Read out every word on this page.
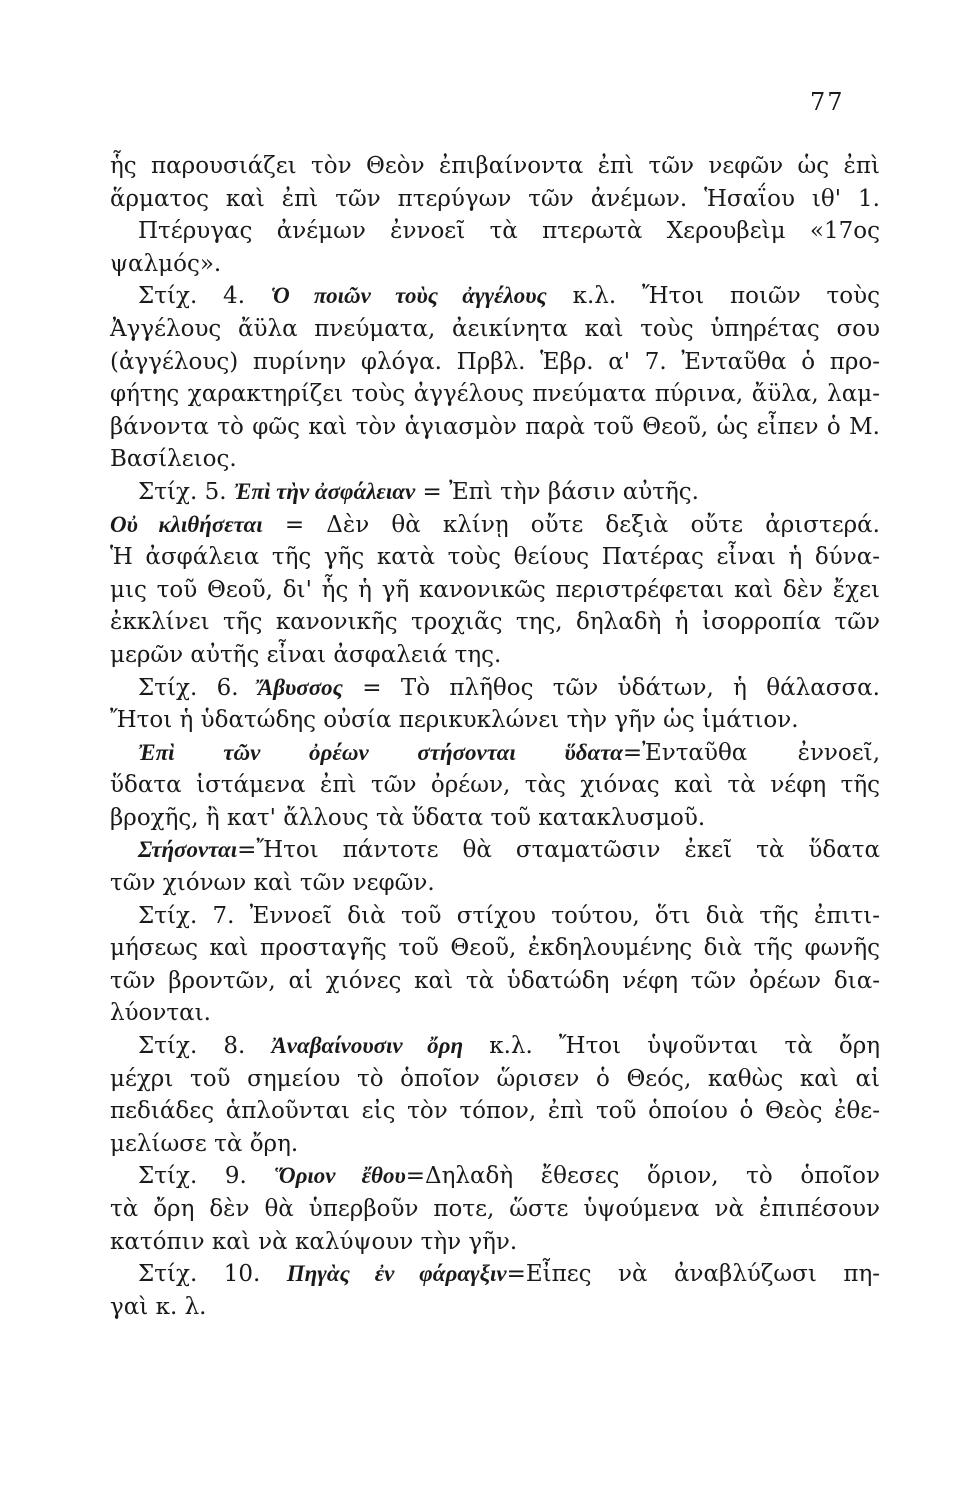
77
ἧς παρουσιάζει τὸν Θεὸν ἐπιβαίνοντα ἐπὶ τῶν νεφῶν ὡς ἐπὶ
ἅρματος καὶ ἐπὶ τῶν πτερύγων τῶν ἀνέμων. Ἡσαΐου ιθ' 1.
Πτέρυγας ἀνέμων ἐννοεῖ τὰ πτερωτὰ Χερουβεὶμ «17ος
ψαλμός».
Στίχ. 4. Ὁ ποιῶν τοὺς ἀγγέλους κ.λ. Ἤτοι ποιῶν τοὺς
Ἀγγέλους ἄϋλα πνεύματα, ἀεικίνητα καὶ τοὺς ὑπηρέτας σου
(ἀγγέλους) πυρίνην φλόγα. Πρβλ. Ἑβρ. α' 7. Ἐνταῦθα ὁ προ-
φήτης χαρακτηρίζει τοὺς ἀγγέλους πνεύματα πύρινα, ἄϋλα, λαμ-
βάνοντα τὸ φῶς καὶ τὸν ἁγιασμὸν παρὰ τοῦ Θεοῦ, ὡς εἶπεν ὁ Μ.
Βασίλειος.
Στίχ. 5. Ἐπὶ τὴν ἀσφάλειαν = Ἐπὶ τὴν βάσιν αὐτῆς.
Οὐ κλιθήσεται = Δὲν θὰ κλίνῃ οὔτε δεξιὰ οὔτε ἀριστερά.
Ἡ ἀσφάλεια τῆς γῆς κατὰ τοὺς θείους Πατέρας εἶναι ἡ δύνα-
μις τοῦ Θεοῦ, δι' ἧς ἡ γῆ κανονικῶς περιστρέφεται καὶ δὲν ἔχει
ἐκκλίνει τῆς κανονικῆς τροχιᾶς της, δηλαδὴ ἡ ἰσορροπία τῶν
μερῶν αὐτῆς εἶναι ἀσφαλειά της.
Στίχ. 6. Ἄβυσσος = Τὸ πλῆθος τῶν ὑδάτων, ἡ θάλασσα.
Ἤτοι ἡ ὑδατώδης οὐσία περικυκλώνει τὴν γῆν ὡς ἱμάτιον.
Ἐπὶ τῶν ὀρέων στήσονται ὕδατα=Ἐνταῦθα ἐννοεῖ,
ὕδατα ἱστάμενα ἐπὶ τῶν ὀρέων, τὰς χιόνας καὶ τὰ νέφη τῆς
βροχῆς, ἢ κατ' ἄλλους τὰ ὕδατα τοῦ κατακλυσμοῦ.
Στήσονται=Ἤτοι πάντοτε θὰ σταματῶσιν ἐκεῖ τὰ ὕδατα
τῶν χιόνων καὶ τῶν νεφῶν.
Στίχ. 7. Ἐννοεῖ διὰ τοῦ στίχου τούτου, ὅτι διὰ τῆς ἐπιτι-
μήσεως καὶ προσταγῆς τοῦ Θεοῦ, ἐκδηλουμένης διὰ τῆς φωνῆς
τῶν βροντῶν, αἱ χιόνες καὶ τὰ ὑδατώδη νέφη τῶν ὀρέων δια-
λύονται.
Στίχ. 8. Ἀναβαίνουσιν ὄρη κ.λ. Ἤτοι ὑψοῦνται τὰ ὄρη
μέχρι τοῦ σημείου τὸ ὁποῖον ὥρισεν ὁ Θεός, καθὼς καὶ αἱ
πεδιάδες ἁπλοῦνται εἰς τὸν τόπον, ἐπὶ τοῦ ὁποίου ὁ Θεὸς ἐθε-
μελίωσε τὰ ὄρη.
Στίχ. 9. Ὅριον ἔθου=Δηλαδὴ ἔθεσες ὅριον, τὸ ὁποῖον
τὰ ὄρη δὲν θὰ ὑπερβοῦν ποτε, ὥστε ὑψούμενα νὰ ἐπιπέσουν
κατόπιν καὶ νὰ καλύψουν τὴν γῆν.
Στίχ. 10. Πηγὰς ἐν φάραγξιν=Εἶπες νὰ ἀναβλύζωσι πη-
γαὶ κ. λ.
